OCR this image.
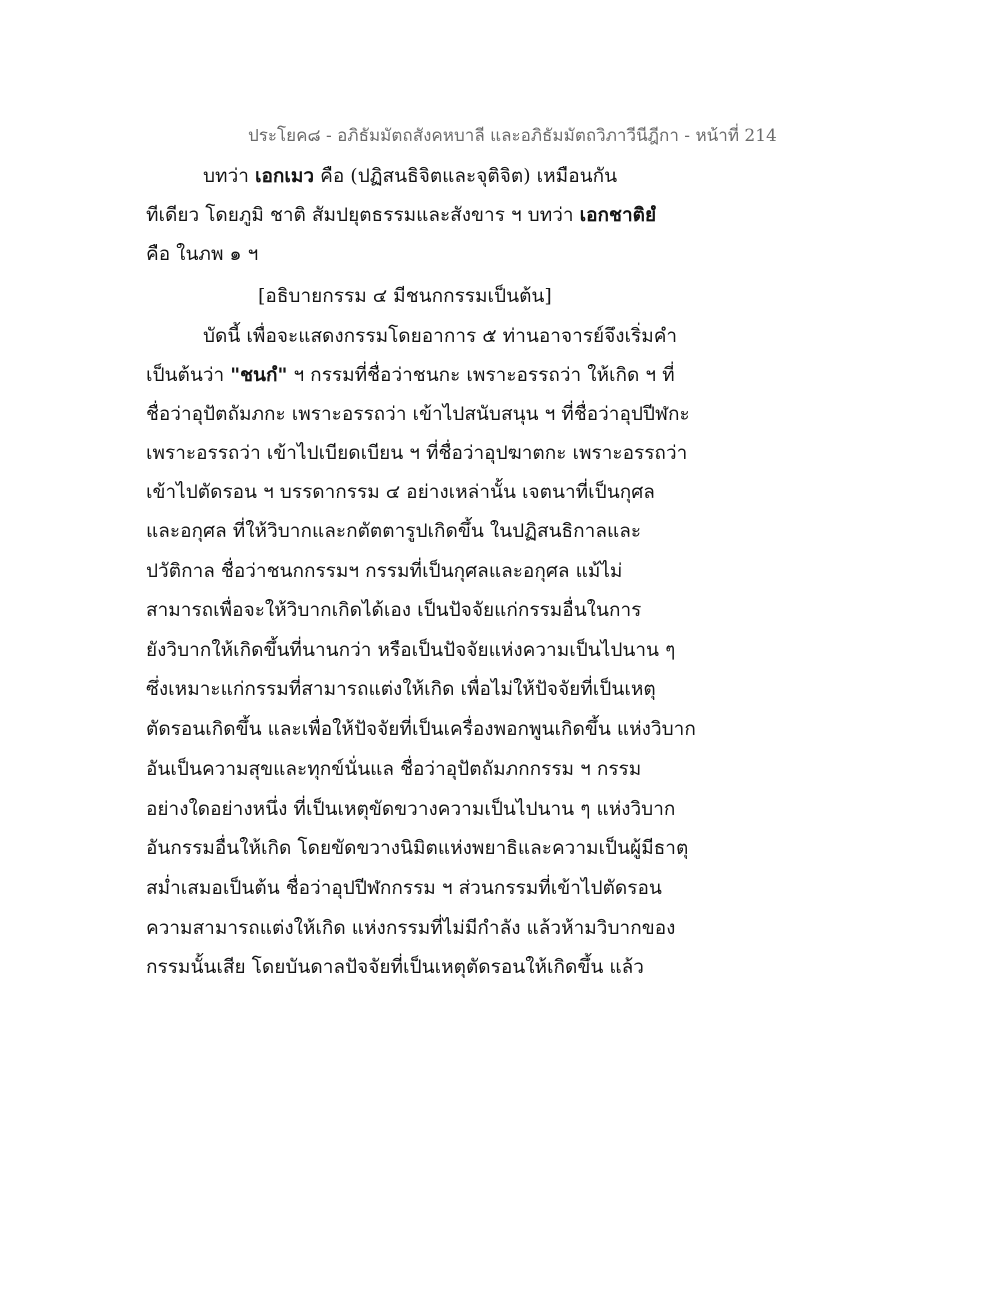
ประโยค๘ - อภิธัมมัตถสังคหบาลี และอภิธัมมัตถวิภาวีนีฎีกา - หน้าที่ 214
บทว่า เอกเมว คือ (ปฏิสนธิจิตและจุติจิต) เหมือนกัน
ทีเดียว โดยภูมิ ชาติ สัมปยุตธรรมและสังขาร ฯ บทว่า เอกชาติยํ
คือ ในภพ ๑ ฯ
[อธิบายกรรม ๔ มีชนกกรรมเป็นต้น]
บัดนี้ เพื่อจะแสดงกรรมโดยอาการ ๕ ท่านอาจารย์จึงเริ่มคำ
เป็นต้นว่า "ชนกํ" ฯ กรรมที่ชื่อว่าชนกะ เพราะอรรถว่า ให้เกิด ฯ ที่
ชื่อว่าอุปัตถัมภกะ เพราะอรรถว่า เข้าไปสนับสนุน ฯ ที่ชื่อว่าอุปปีฬกะ
เพราะอรรถว่า เข้าไปเบียดเบียน ฯ ที่ชื่อว่าอุปฆาตกะ เพราะอรรถว่า
เข้าไปตัดรอน ฯ บรรดากรรม ๔ อย่างเหล่านั้น เจตนาที่เป็นกุศล
และอกุศล ที่ให้วิบากและกตัตตารูปเกิดขึ้น ในปฏิสนธิกาลและ
ปวัติกาล ชื่อว่าชนกกรรมฯ กรรมที่เป็นกุศลและอกุศล แม้ไม่
สามารถเพื่อจะให้วิบากเกิดได้เอง เป็นปัจจัยแก่กรรมอื่นในการ
ยังวิบากให้เกิดขึ้นที่นานกว่า หรือเป็นปัจจัยแห่งความเป็นไปนาน ๆ
ซึ่งเหมาะแก่กรรมที่สามารถแต่งให้เกิด เพื่อไม่ให้ปัจจัยที่เป็นเหตุ
ตัดรอนเกิดขึ้น และเพื่อให้ปัจจัยที่เป็นเครื่องพอกพูนเกิดขึ้น แห่งวิบาก
อันเป็นความสุขและทุกข์นั่นแล ชื่อว่าอุปัตถัมภกกรรม ฯ กรรม
อย่างใดอย่างหนึ่ง ที่เป็นเหตุขัดขวางความเป็นไปนาน ๆ แห่งวิบาก
อันกรรมอื่นให้เกิด โดยขัดขวางนิมิตแห่งพยาธิและความเป็นผู้มีธาตุ
สม่ำเสมอเป็นต้น ชื่อว่าอุปปีฬกกรรม ฯ ส่วนกรรมที่เข้าไปตัดรอน
ความสามารถแต่งให้เกิด แห่งกรรมที่ไม่มีกำลัง แล้วห้ามวิบากของ
กรรมนั้นเสีย โดยบันดาลปัจจัยที่เป็นเหตุตัดรอนให้เกิดขึ้น แล้ว
